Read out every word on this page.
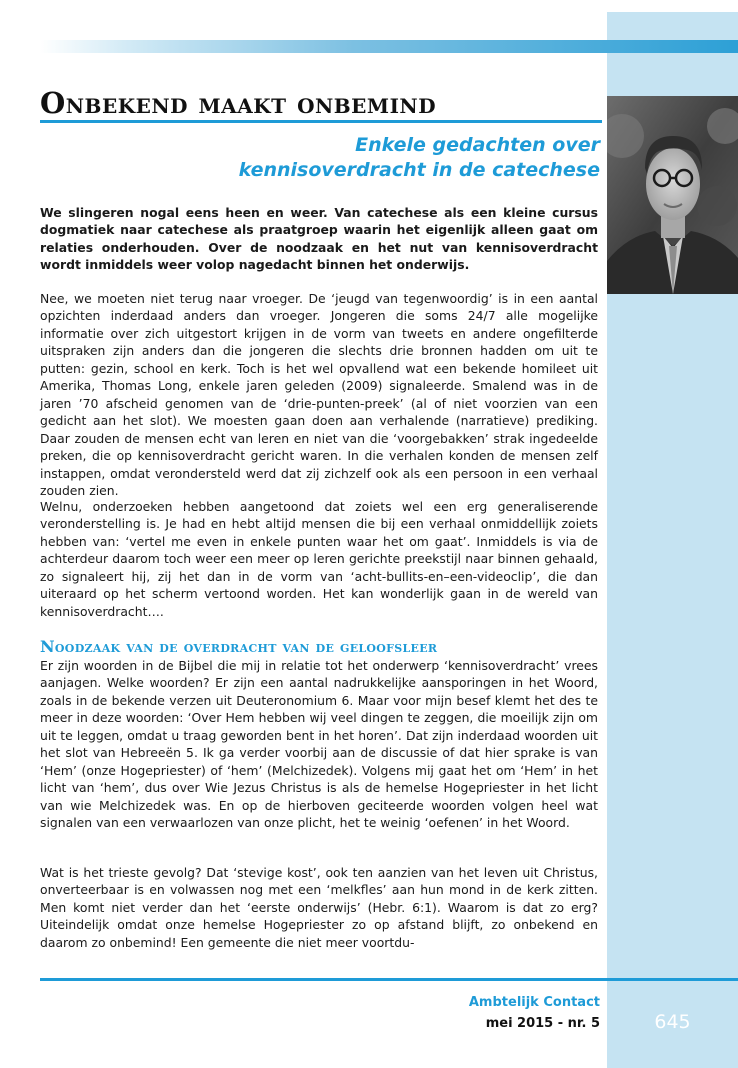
Onbekend maakt onbemind
Enkele gedachten over
kennisoverdracht in de catechese

We slingeren nogal eens heen en weer. Van catechese als een kleine cursus dogmatiek naar catechese als praatgroep waarin het eigenlijk alleen gaat om relaties onderhouden. Over de noodzaak en het nut van kennisoverdracht wordt inmiddels weer volop nagedacht binnen het onderwijs.

Nee, we moeten niet terug naar vroeger. De ‘jeugd van tegenwoordig’ is in een aantal opzichten inderdaad anders dan vroeger. Jongeren die soms 24/7 alle mogelijke informatie over zich uitgestort krijgen in de vorm van tweets en andere ongefilterde uitspraken zijn anders dan die jongeren die slechts drie bronnen hadden om uit te putten: gezin, school en kerk. Toch is het wel opvallend wat een bekende homileet uit Amerika, Thomas Long, enkele jaren geleden (2009) signaleerde. Smalend was in de jaren ’70 afscheid genomen van de ‘drie-punten-preek’ (al of niet voorzien van een gedicht aan het slot). We moesten gaan doen aan verhalende (narratieve) prediking. Daar zouden de mensen echt van leren en niet van die ‘voorgebakken’ strak ingedeelde preken, die op kennisoverdracht gericht waren. In die verhalen konden de mensen zelf instappen, omdat verondersteld werd dat zij zichzelf ook als een persoon in een verhaal zouden zien.

Welnu, onderzoeken hebben aangetoond dat zoiets wel een erg generaliserende veronderstelling is. Je had en hebt altijd mensen die bij een verhaal onmiddellijk zoiets hebben van: ‘vertel me even in enkele punten waar het om gaat’. Inmiddels is via de achterdeur daarom toch weer een meer op leren gerichte preekstijl naar binnen gehaald, zo signaleert hij, zij het dan in de vorm van ‘acht-bullits-en–een-videoclip’, die dan uiteraard op het scherm vertoond worden. Het kan wonderlijk gaan in de wereld van kennisoverdracht….

Noodzaak van de overdracht van de geloofsleer

Er zijn woorden in de Bijbel die mij in relatie tot het onderwerp ‘kennisoverdracht’ vrees aanjagen. Welke woorden? Er zijn een aantal nadrukkelijke aansporingen in het Woord, zoals in de bekende verzen uit Deuteronomium 6. Maar voor mijn besef klemt het des te meer in deze woorden: ‘Over Hem hebben wij veel dingen te zeggen, die moeilijk zijn om uit te leggen, omdat u traag geworden bent in het horen’. Dat zijn inderdaad woorden uit het slot van Hebreeën 5. Ik ga verder voorbij aan de discussie of dat hier sprake is van ‘Hem’ (onze Hogepriester) of ‘hem’ (Melchizedek). Volgens mij gaat het om ‘Hem’ in het licht van ‘hem’, dus over Wie Jezus Christus is als de hemelse Hogepriester in het licht van wie Melchizedek was. En op de hierboven geciteerde woorden volgen heel wat signalen van een verwaarlozen van onze plicht, het te weinig ‘oefenen’ in het Woord.

Wat is het trieste gevolg? Dat ‘stevige kost’, ook ten aanzien van het leven uit Christus, onverteerbaar is en volwassen nog met een ‘melkfles’ aan hun mond in de kerk zitten. Men komt niet verder dan het ‘eerste onderwijs’ (Hebr. 6:1). Waarom is dat zo erg? Uiteindelijk omdat onze hemelse Hogepriester zo op afstand blijft, zo onbekend en daarom zo onbemind! Een gemeente die niet meer voortdu-

Ambtelijk Contact

mei 2015 - nr. 5	645
